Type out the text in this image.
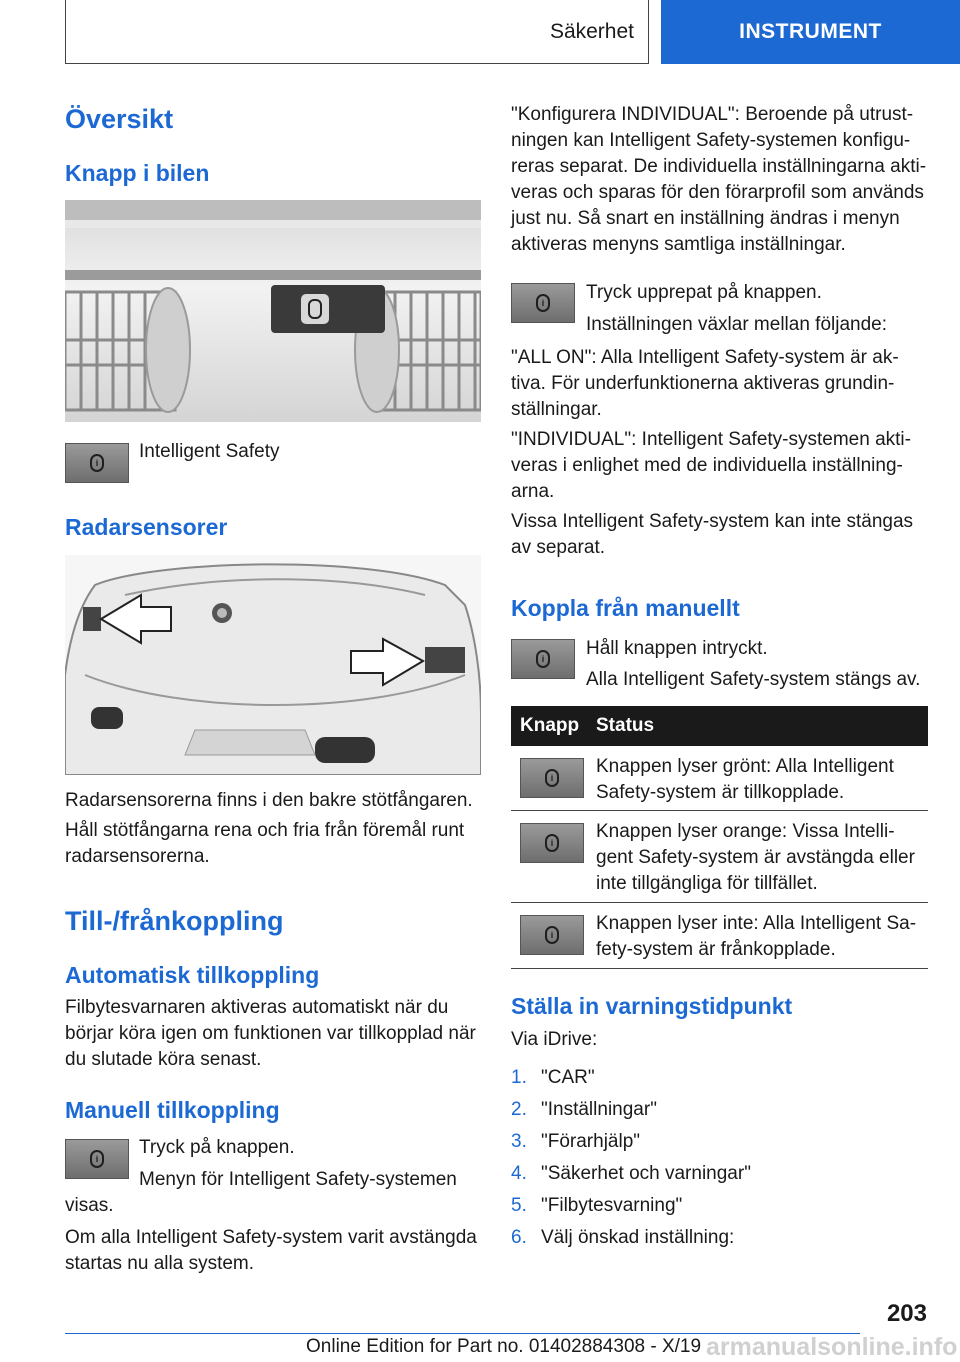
Säkerhet	INSTRUMENT
Översikt
Knapp i bilen
i
Intelligent Safety
Radarsensorer
Radarsensorerna finns i den bakre stötfångaren.
Håll stötfångarna rena och fria från föremål runt
radarsensorerna.
Till-/frånkoppling
Automatisk tillkoppling
Filbytesvarnaren aktiveras automatiskt när du
börjar köra igen om funktionen var tillkopplad när
du slutade köra senast.
Manuell tillkoppling
i
Tryck på knappen.
Menyn för Intelligent Safety-systemen
visas.
Om alla Intelligent Safety-system varit avstängda
startas nu alla system.
"Konfigurera INDIVIDUAL": Beroende på utrust-
ningen kan Intelligent Safety-systemen konfigu-
reras separat. De individuella inställningarna akti-
veras och sparas för den förarprofil som används
just nu. Så snart en inställning ändras i menyn
aktiveras menyns samtliga inställningar.
i	Tryck upprepat på knappen.
Inställningen växlar mellan följande:
"ALL ON": Alla Intelligent Safety-system är ak-
tiva. För underfunktionerna aktiveras grundin-
ställningar.
"INDIVIDUAL": Intelligent Safety-systemen akti-
veras i enlighet med de individuella inställning-
arna.
Vissa Intelligent Safety-system kan inte stängas
av separat.
Koppla från manuellt
i	Håll knappen intryckt.
Alla Intelligent Safety-system stängs av.
Knapp Status
i
Knappen lyser grönt: Alla Intelligent
Safety-system är tillkopplade.
i
Knappen lyser orange: Vissa Intelli-
gent Safety-system är avstängda eller
inte tillgängliga för tillfället.
i
Knappen lyser inte: Alla Intelligent Sa-
fety-system är frånkopplade.
Ställa in varningstidpunkt
Via iDrive:
1. "CAR"
2. "Inställningar"
3. "Förarhjälp"
4. "Säkerhet och varningar"
5. "Filbytesvarning"
6. Välj önskad inställning:
203
armanualsonline.info
Online Edition for Part no. 01402884308 - X/19
